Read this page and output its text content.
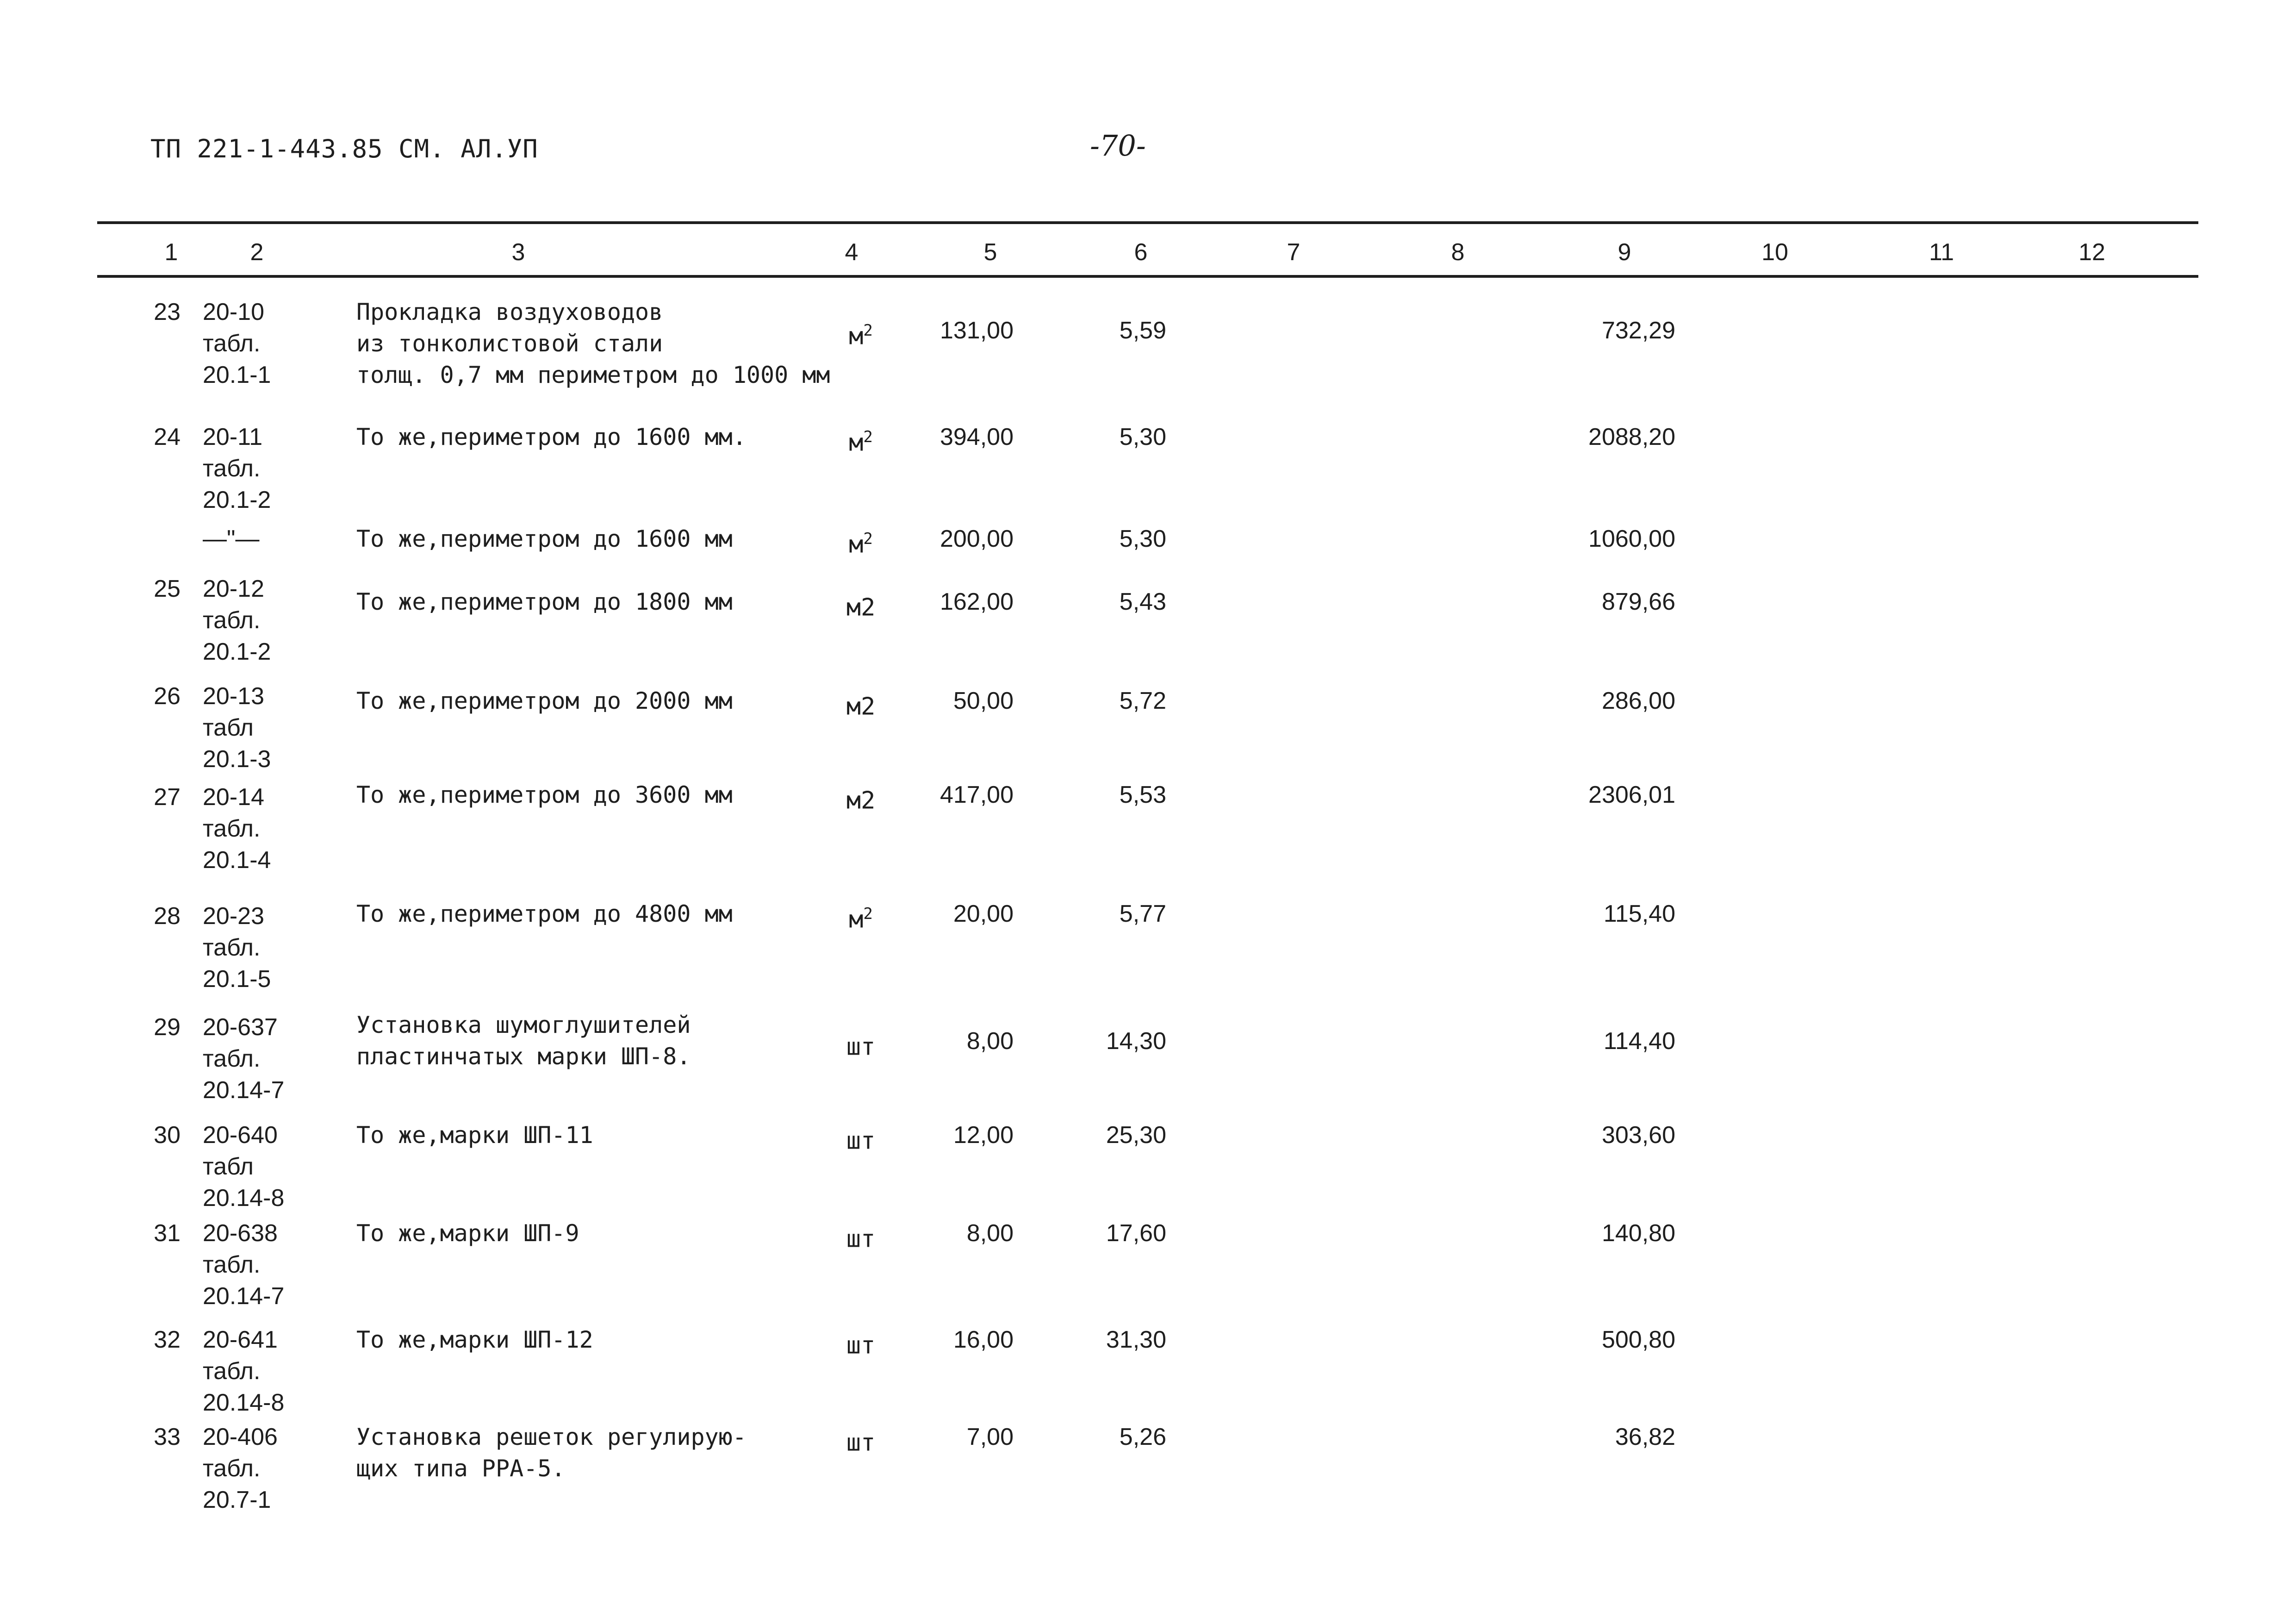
ТП 221-1-443.85 СМ. АЛ.УП	-70-
1	2	3	4	5	6	7	8	9	10	11	12
23 20-10
табл.
20.1-1
Прокладка воздуховодов
из тонколистовой стали
толщ. 0,7 мм периметром до 1000 мм
$м^2$	131,00	5,59	732,29
24 20-11
табл.
20.1-2
То же,периметром до 1600 мм.	$м^2$	394,00	5,30	2088,20
—"—	То же,периметром до 1600 мм	$м^2$	200,00	5,30	1060,00
25 20-12
табл.
20.1-2
То же,периметром до 1800 мм	м2	162,00	5,43	879,66
26 20-13
табл
20.1-3
То же,периметром до 2000 мм	м2	50,00	5,72	286,00
27 20-14
табл.
20.1-4
То же,периметром до 3600 мм	м2	417,00	5,53	2306,01
28 20-23
табл.
20.1-5
То же,периметром до 4800 мм	$м^2$	20,00	5,77	115,40
29 20-637
табл.
20.14-7
Установка шумоглушителей
пластинчатых марки ШП-8.	шт	8,00	14,30	114,40
30 20-640
табл
20.14-8
То же,марки ШП-11	шт	12,00	25,30	303,60
31 20-638
табл.
20.14-7
То же,марки ШП-9	шт	8,00	17,60	140,80
32 20-641
табл.
20.14-8
То же,марки ШП-12	шт	16,00	31,30	500,80
33 20-406
табл.
20.7-1
Установка решеток регулирую-
щих типа РРА-5.
шт	7,00	5,26	36,82
